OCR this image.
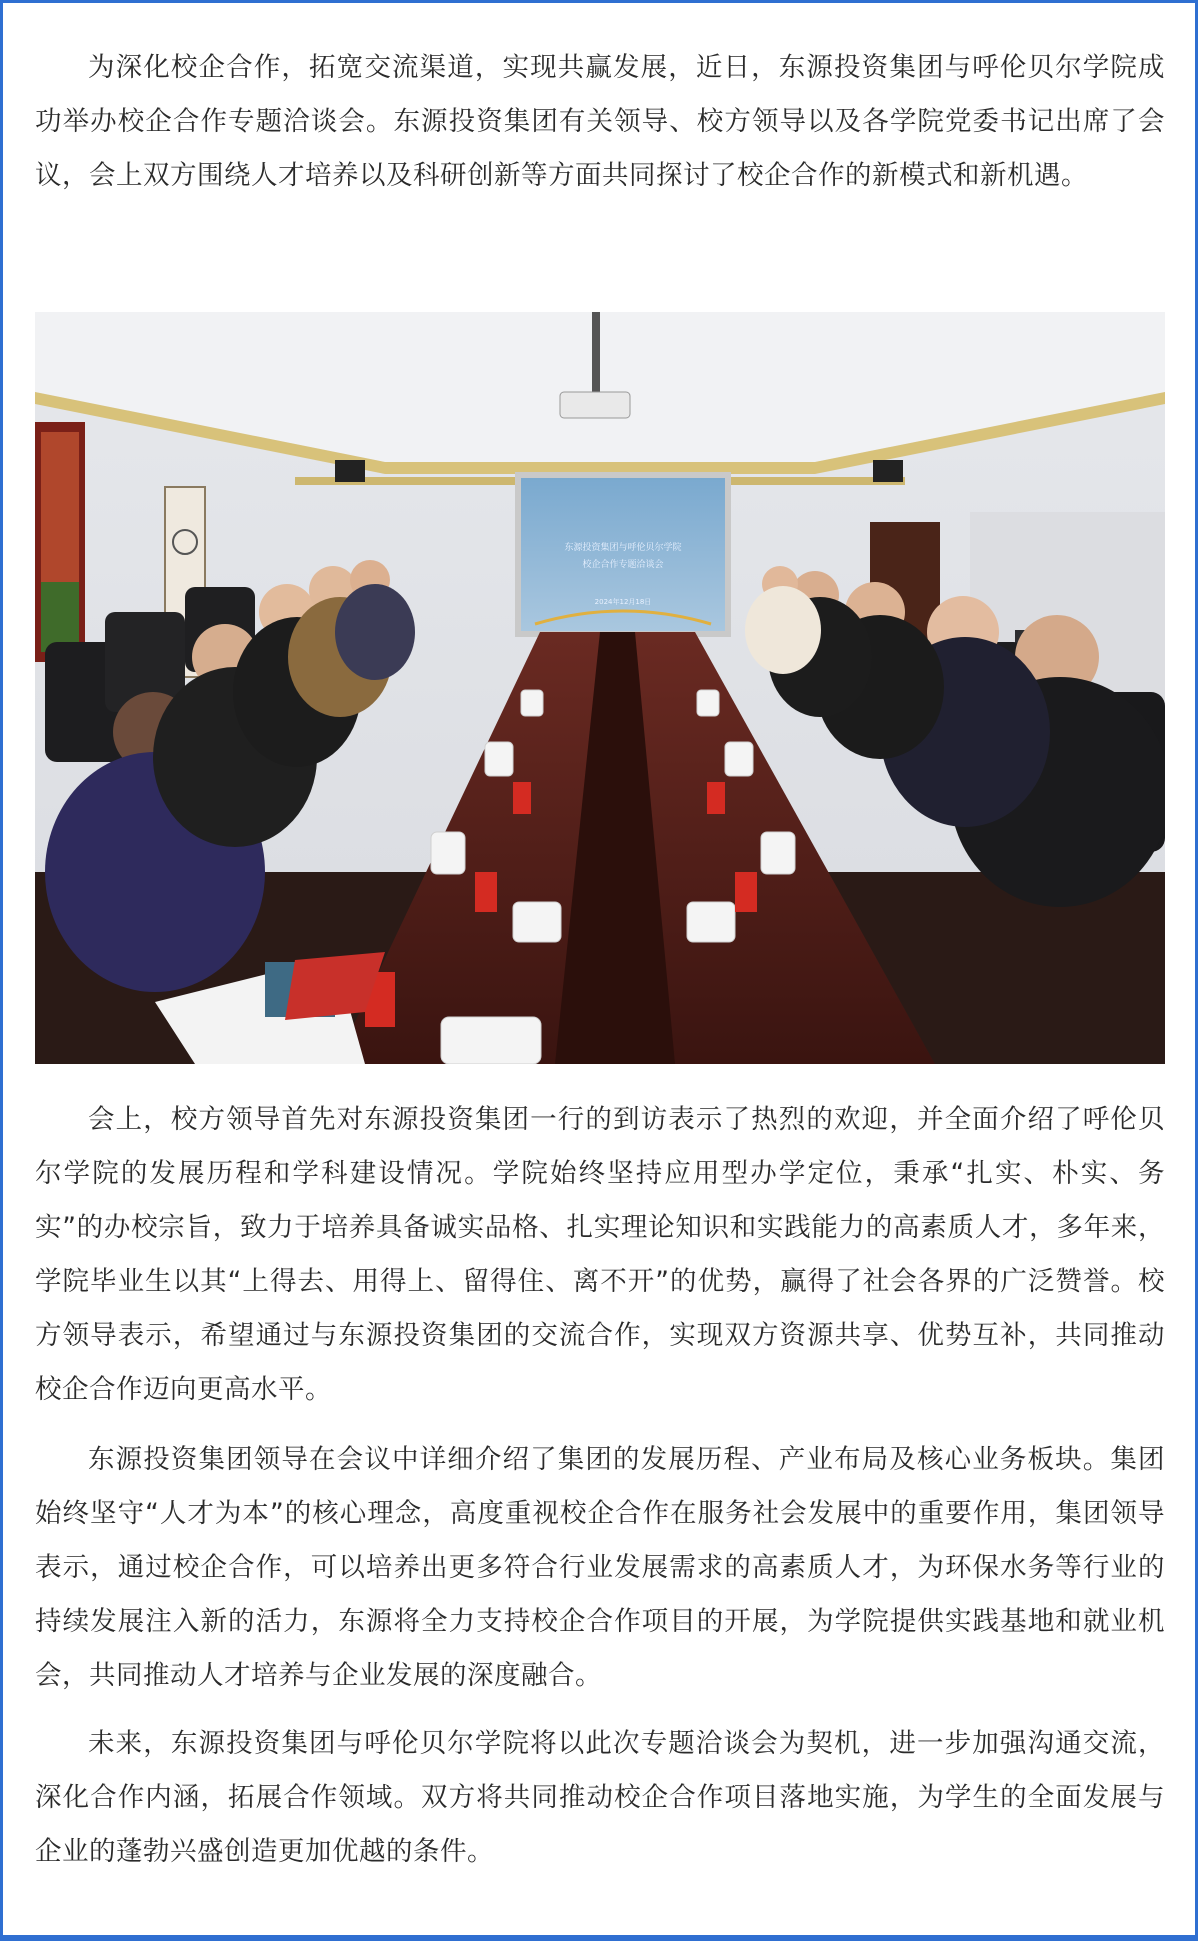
为深化校企合作，拓宽交流渠道，实现共赢发展，近日，东源投资集团与呼伦贝尔学院成功举办校企合作专题洽谈会。东源投资集团有关领导、校方领导以及各学院党委书记出席了会议，会上双方围绕人才培养以及科研创新等方面共同探讨了校企合作的新模式和新机遇。

东源投资集团与呼伦贝尔学院
校企合作专题洽谈会
2024年12月18日

会上，校方领导首先对东源投资集团一行的到访表示了热烈的欢迎，并全面介绍了呼伦贝尔学院的发展历程和学科建设情况。学院始终坚持应用型办学定位，秉承“扎实、朴实、务实”的办校宗旨，致力于培养具备诚实品格、扎实理论知识和实践能力的高素质人才，多年来，学院毕业生以其“上得去、用得上、留得住、离不开”的优势，赢得了社会各界的广泛赞誉。校方领导表示，希望通过与东源投资集团的交流合作，实现双方资源共享、优势互补，共同推动校企合作迈向更高水平。

东源投资集团领导在会议中详细介绍了集团的发展历程、产业布局及核心业务板块。集团始终坚守“人才为本”的核心理念，高度重视校企合作在服务社会发展中的重要作用，集团领导表示，通过校企合作，可以培养出更多符合行业发展需求的高素质人才，为环保水务等行业的持续发展注入新的活力，东源将全力支持校企合作项目的开展，为学院提供实践基地和就业机会，共同推动人才培养与企业发展的深度融合。

未来，东源投资集团与呼伦贝尔学院将以此次专题洽谈会为契机，进一步加强沟通交流，深化合作内涵，拓展合作领域。双方将共同推动校企合作项目落地实施，为学生的全面发展与企业的蓬勃兴盛创造更加优越的条件。
